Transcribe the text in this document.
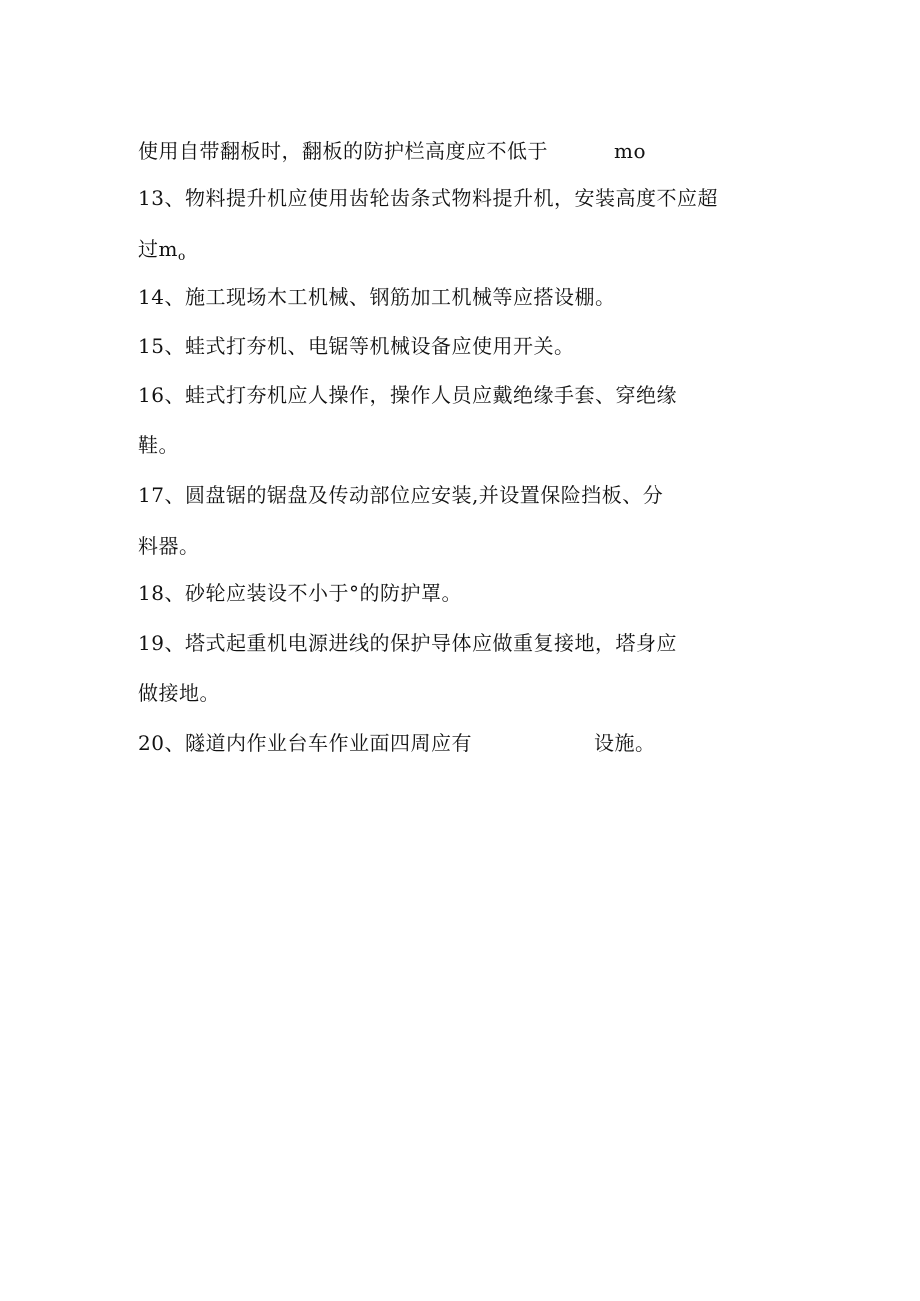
使用自带翻板时，翻板的防护栏高度应不低于	mo
13、物料提升机应使用齿轮齿条式物料提升机，安装高度不应超
过$m_o$
14、施工现场木工机械、钢筋加工机械等应搭设棚。
15、蛙式打夯机、电锯等机械设备应使用开关。
16、蛙式打夯机应人操作，操作人员应戴绝缘手套、穿绝缘
鞋。
17、圆盘锯的锯盘及传动部位应安装,并设置保险挡板、分
料器。
18、砂轮应装设不小于°的防护罩。
19、塔式起重机电源进线的保护导体应做重复接地，塔身应
做接地。
20、隧道内作业台车作业面四周应有	设施。
